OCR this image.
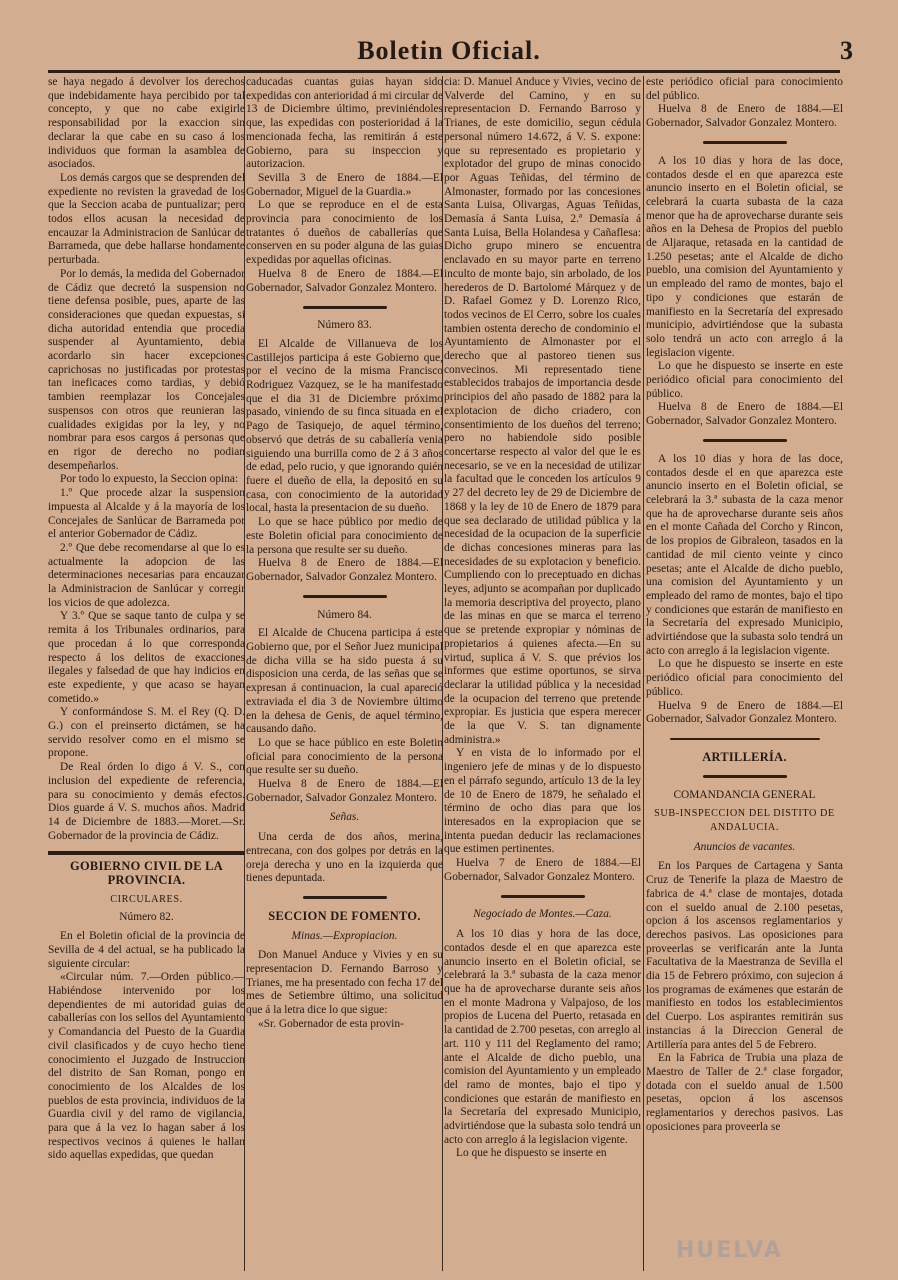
Boletin Oficial.	3

se haya negado á devolver los derechos que indebidamente haya percibido por tal concepto, y que no cabe exigirle responsabilidad por la exaccion sin declarar la que cabe en su caso á los individuos que forman la asamblea de asociados.

Los demás cargos que se desprenden del expediente no revisten la gravedad de los que la Seccion acaba de puntualizar; pero todos ellos acusan la necesidad de encauzar la Administracion de Sanlúcar de Barrameda, que debe hallarse hondamente perturbada.

Por lo demás, la medida del Gobernador de Cádiz que decretó la suspension no tiene defensa posible, pues, aparte de las consideraciones que quedan expuestas, si dicha autoridad entendia que procedia suspender al Ayuntamiento, debia acordarlo sin hacer excepciones caprichosas no justificadas por protestas tan ineficaces como tardias, y debió tambien reemplazar los Concejales suspensos con otros que reunieran las cualidades exigidas por la ley, y no nombrar para esos cargos á personas que en rigor de derecho no podian desempeñarlos.

Por todo lo expuesto, la Seccion opina:

1.º Que procede alzar la suspension impuesta al Alcalde y á la mayoría de los Concejales de Sanlúcar de Barrameda por el anterior Gobernador de Cádiz.

2.º Que debe recomendarse al que lo es actualmente la adopcion de las determinaciones necesarias para encauzar la Administracion de Sanlúcar y corregir los vicios de que adolezca.

Y 3.º Que se saque tanto de culpa y se remita á los Tribunales ordinarios, para que procedan á lo que corresponda respecto á los delitos de exacciones ilegales y falsedad de que hay indicios en este expediente, y que acaso se hayan cometido.»

Y conformándose S. M. el Rey (Q. D. G.) con el preinserto dictámen, se ha servido resolver como en el mismo se propone.

De Real órden lo digo á V. S., con inclusion del expediente de referencia, para su conocimiento y demás efectos. Dios guarde á V. S. muchos años. Madrid 14 de Diciembre de 1883.—Moret.—Sr. Gobernador de la provincia de Cádiz.

GOBIERNO CIVIL DE LA PROVINCIA.
CIRCULARES.
Número 82.

En el Boletin oficial de la provincia de Sevilla de 4 del actual, se ha publicado la siguiente circular:

«Circular núm. 7.—Orden público.—Habiéndose intervenido por los dependientes de mi autoridad guias de caballerías con los sellos del Ayuntamiento y Comandancia del Puesto de la Guardia civil clasificados y de cuyo hecho tiene conocimiento el Juzgado de Instruccion del distrito de San Roman, pongo en conocimiento de los Alcaldes de los pueblos de esta provincia, individuos de la Guardia civil y del ramo de vigilancia, para que á la vez lo hagan saber á los respectivos vecinos á quienes le hallan sido aquellas expedidas, que quedan

caducadas cuantas guias hayan sido expedidas con anterioridad á mi circular de 13 de Diciembre último, previniéndoles que, las expedidas con posterioridad á la mencionada fecha, las remitirán á este Gobierno, para su inspeccion y autorizacion.

Sevilla 3 de Enero de 1884.—El Gobernador, Miguel de la Guardia.»

Lo que se reproduce en el de esta provincia para conocimiento de los tratantes ó dueños de caballerías que conserven en su poder alguna de las guias expedidas por aquellas oficinas.

Huelva 8 de Enero de 1884.—El Gobernador, Salvador Gonzalez Montero.

Número 83.

El Alcalde de Villanueva de los Castillejos participa á este Gobierno que, por el vecino de la misma Francisco Rodriguez Vazquez, se le ha manifestado que el dia 31 de Diciembre próximo pasado, viniendo de su finca situada en el Pago de Tasiquejo, de aquel término, observó que detrás de su caballería venia siguiendo una burrilla como de 2 á 3 años de edad, pelo rucio, y que ignorando quién fuere el dueño de ella, la depositó en su casa, con conocimiento de la autoridad local, hasta la presentacion de su dueño.

Lo que se hace público por medio de este Boletin oficial para conocimiento de la persona que resulte ser su dueño.

Huelva 8 de Enero de 1884.—El Gobernador, Salvador Gonzalez Montero.

Número 84.

El Alcalde de Chucena participa á este Gobierno que, por el Señor Juez municipal de dicha villa se ha sido puesta á su disposicion una cerda, de las señas que se expresan á continuacion, la cual apareció extraviada el dia 3 de Noviembre último en la dehesa de Genis, de aquel término, causando daño.

Lo que se hace público en este Boletin oficial para conocimiento de la persona que resulte ser su dueño.

Huelva 8 de Enero de 1884.—El Gobernador, Salvador Gonzalez Montero.

Señas.

Una cerda de dos años, merina, entrecana, con dos golpes por detrás en la oreja derecha y uno en la izquierda que tienes depuntada.

SECCION DE FOMENTO.
Minas.—Expropiacion.

Don Manuel Anduce y Vivies y en su representacion D. Fernando Barroso y Trianes, me ha presentado con fecha 17 del mes de Setiembre último, una solicitud que á la letra dice lo que sigue:

«Sr. Gobernador de esta provin-

cia: D. Manuel Anduce y Vivies, vecino de Valverde del Camino, y en su representacion D. Fernando Barroso y Trianes, de este domicilio, segun cédula personal número 14.672, á V. S. expone: que su representado es propietario y explotador del grupo de minas conocido por Aguas Teñidas, del término de Almonaster, formado por las concesiones Santa Luisa, Olivargas, Aguas Teñidas, Demasía á Santa Luisa, 2.ª Demasía á Santa Luisa, Bella Holandesa y Cañaflesa: Dicho grupo minero se encuentra enclavado en su mayor parte en terreno inculto de monte bajo, sin arbolado, de los herederos de D. Bartolomé Márquez y de D. Rafael Gomez y D. Lorenzo Rico, todos vecinos de El Cerro, sobre los cuales tambien ostenta derecho de condominio el Ayuntamiento de Almonaster por el derecho que al pastoreo tienen sus convecinos. Mi representado tiene establecidos trabajos de importancia desde principios del año pasado de 1882 para la explotacion de dicho criadero, con consentimiento de los dueños del terreno; pero no habiendole sido posible concertarse respecto al valor del que le es necesario, se ve en la necesidad de utilizar la facultad que le conceden los artículos 9 y 27 del decreto ley de 29 de Diciembre de 1868 y la ley de 10 de Enero de 1879 para que sea declarado de utilidad pública y la necesidad de la ocupacion de la superficie de dichas concesiones mineras para las necesidades de su explotacion y beneficio. Cumpliendo con lo preceptuado en dichas leyes, adjunto se acompañan por duplicado la memoria descriptiva del proyecto, plano de las minas en que se marca el terreno que se pretende expropiar y nóminas de propietarios á quienes afecta.—En su virtud, suplica á V. S. que prévios los informes que estime oportunos, se sirva declarar la utilidad pública y la necesidad de la ocupacion del terreno que pretende expropiar. Es justicia que espera merecer de la que V. S. tan dignamente administra.»

Y en vista de lo informado por el ingeniero jefe de minas y de lo dispuesto en el párrafo segundo, artículo 13 de la ley de 10 de Enero de 1879, he señalado el término de ocho dias para que los interesados en la expropiacion que se intenta puedan deducir las reclamaciones que estimen pertinentes.

Huelva 7 de Enero de 1884.—El Gobernador, Salvador Gonzalez Montero.

Negociado de Montes.—Caza.

A los 10 dias y hora de las doce, contados desde el en que aparezca este anuncio inserto en el Boletin oficial, se celebrará la 3.ª subasta de la caza menor que ha de aprovecharse durante seis años en el monte Madrona y Valpajoso, de los propios de Lucena del Puerto, retasada en la cantidad de 2.700 pesetas, con arreglo al art. 110 y 111 del Reglamento del ramo; ante el Alcalde de dicho pueblo, una comision del Ayuntamiento y un empleado del ramo de montes, bajo el tipo y condiciones que estarán de manifiesto en la Secretaría del expresado Municipio, advirtiéndose que la subasta solo tendrá un acto con arreglo á la legislacion vigente.

Lo que he dispuesto se inserte en

este periódico oficial para conocimiento del público.

Huelva 8 de Enero de 1884.—El Gobernador, Salvador Gonzalez Montero.

A los 10 dias y hora de las doce, contados desde el en que aparezca este anuncio inserto en el Boletin oficial, se celebrará la cuarta subasta de la caza menor que ha de aprovecharse durante seis años en la Dehesa de Propios del pueblo de Aljaraque, retasada en la cantidad de 1.250 pesetas; ante el Alcalde de dicho pueblo, una comision del Ayuntamiento y un empleado del ramo de montes, bajo el tipo y condiciones que estarán de manifiesto en la Secretaría del expresado municipio, advirtiéndose que la subasta solo tendrá un acto con arreglo á la legislacion vigente.

Lo que he dispuesto se inserte en este periódico oficial para conocimiento del público.

Huelva 8 de Enero de 1884.—El Gobernador, Salvador Gonzalez Montero.

A los 10 dias y hora de las doce, contados desde el en que aparezca este anuncio inserto en el Boletin oficial, se celebrará la 3.ª subasta de la caza menor que ha de aprovecharse durante seis años en el monte Cañada del Corcho y Rincon, de los propios de Gibraleon, tasados en la cantidad de mil ciento veinte y cinco pesetas; ante el Alcalde de dicho pueblo, una comision del Ayuntamiento y un empleado del ramo de montes, bajo el tipo y condiciones que estarán de manifiesto en la Secretaría del expresado Municipio, advirtiéndose que la subasta solo tendrá un acto con arreglo á la legislacion vigente.

Lo que he dispuesto se inserte en este periódico oficial para conocimiento del público.

Huelva 9 de Enero de 1884.—El Gobernador, Salvador Gonzalez Montero.

ARTILLERÍA.
COMANDANCIA GENERAL
SUB-INSPECCION DEL DISTITO DE ANDALUCIA.
Anuncios de vacantes.

En los Parques de Cartagena y Santa Cruz de Tenerife la plaza de Maestro de fabrica de 4.ª clase de montajes, dotada con el sueldo anual de 2.100 pesetas, opcion á los ascensos reglamentarios y derechos pasivos. Las oposiciones para proveerlas se verificarán ante la Junta Facultativa de la Maestranza de Sevilla el dia 15 de Febrero próximo, con sujecion á los programas de exámenes que estarán de manifiesto en todos los establecimientos del Cuerpo. Los aspirantes remitirán sus instancias á la Direccion General de Artillería para antes del 5 de Febrero.

En la Fabrica de Trubia una plaza de Maestro de Taller de 2.ª clase forgador, dotada con el sueldo anual de 1.500 pesetas, opcion á los ascensos reglamentarios y derechos pasivos. Las oposiciones para proveerla se

HUELVA
